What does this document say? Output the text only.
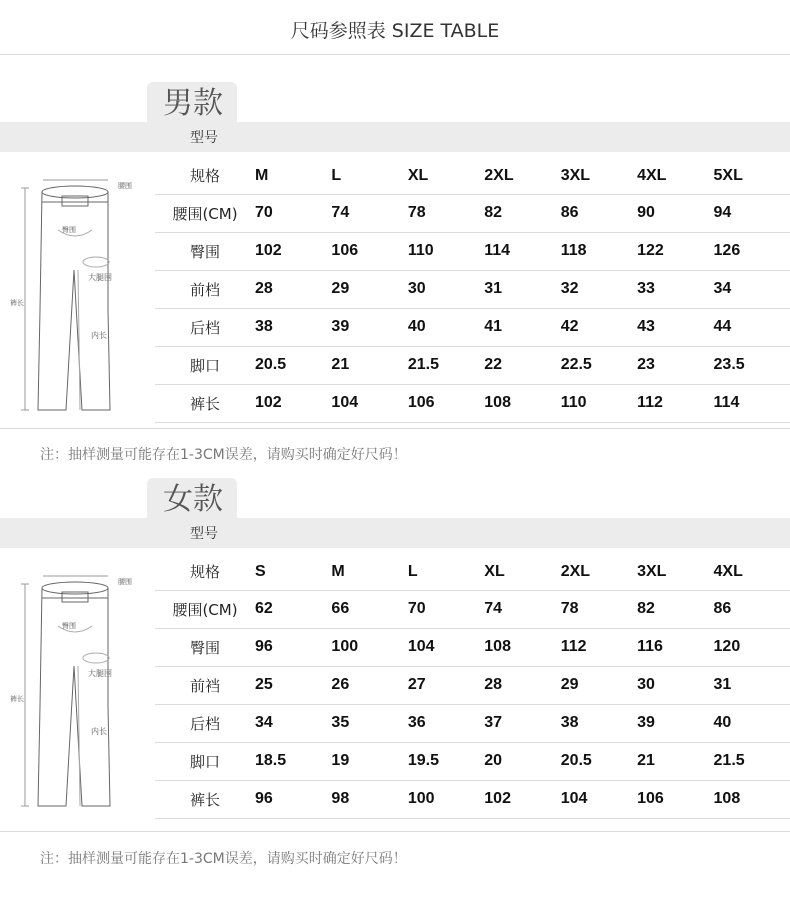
尺码参照表 SIZE TABLE
男款
型号
腰围
臀围
大腿围
内长
裤长
规格	M	L	XL	2XL	3XL	4XL	5XL
腰围(CM)	70	74	78	82	86	90	94
臀围	102	106	110	114	118	122	126
前档	28	29	30	31	32	33	34
后档	38	39	40	41	42	43	44
脚口	20.5	21	21.5	22	22.5	23	23.5
裤长	102	104	106	108	110	112	114
注：抽样测量可能存在1-3CM误差，请购买时确定好尺码！
女款
型号
腰围
臀围
大腿围
内长
裤长
规格	S	M	L	XL	2XL	3XL	4XL
腰围(CM)	62	66	70	74	78	82	86
臀围	96	100	104	108	112	116	120
前裆	25	26	27	28	29	30	31
后档	34	35	36	37	38	39	40
脚口	18.5	19	19.5	20	20.5	21	21.5
裤长	96	98	100	102	104	106	108
注：抽样测量可能存在1-3CM误差，请购买时确定好尺码！
